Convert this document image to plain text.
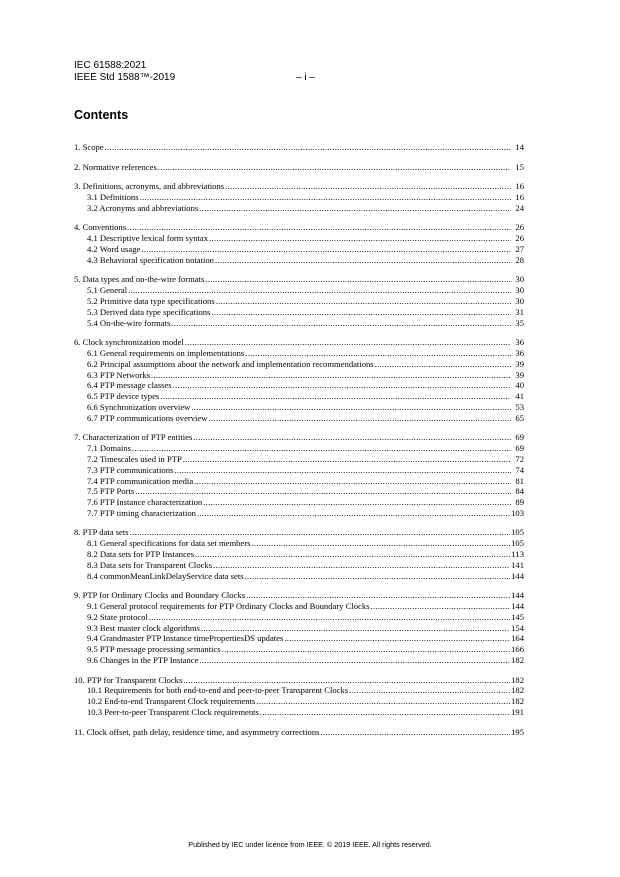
IEC 61588:2021
IEEE Std 1588™-2019	– i –
Contents
1. Scope .....	14
2. Normative references .....	15
3. Definitions, acronyms, and abbreviations .....	16
3.1 Definitions .....	16
3.2 Acronyms and abbreviations .....	24
4. Conventions .....	26
4.1 Descriptive lexical form syntax .....	26
4.2 Word usage .....	27
4.3 Behavioral specification notation .....	28
5. Data types and on-the-wire formats .....	30
5.1 General .....	30
5.2 Primitive data type specifications .....	30
5.3 Derived data type specifications .....	31
5.4 On-the-wire formats .....	35
6. Clock synchronization model .....	36
6.1 General requirements on implementations .....	36
6.2 Principal assumptions about the network and implementation recommendations .....	39
6.3 PTP Networks .....	39
6.4 PTP message classes .....	40
6.5 PTP device types .....	41
6.6 Synchronization overview .....	53
6.7 PTP communications overview .....	65
7. Characterization of PTP entities .....	69
7.1 Domains .....	69
7.2 Timescales used in PTP .....	72
7.3 PTP communications .....	74
7.4 PTP communication media .....	81
7.5 PTP Ports .....	84
7.6 PTP Instance characterization .....	89
7.7 PTP timing characterization .....	103
8. PTP data sets .....	105
8.1 General specifications for data set members .....	105
8.2 Data sets for PTP Instances .....	113
8.3 Data sets for Transparent Clocks .....	141
8.4 commonMeanLinkDelayService data sets .....	144
9. PTP for Ordinary Clocks and Boundary Clocks .....	144
9.1 General protocol requirements for PTP Ordinary Clocks and Boundary Clocks .....	144
9.2 State protocol .....	145
9.3 Best master clock algorithms .....	154
9.4 Grandmaster PTP Instance timePropertiesDS updates .....	164
9.5 PTP message processing semantics .....	166
9.6 Changes in the PTP Instance .....	182
10. PTP for Transparent Clocks .....	182
10.1 Requirements for both end-to-end and peer-to-peer Transparent Clocks .....	182
10.2 End-to-end Transparent Clock requirements .....	182
10.3 Peer-to-peer Transparent Clock requirements .....	191
11. Clock offset, path delay, residence time, and asymmetry corrections .....	195
Published by IEC under licence from IEEE. © 2019 IEEE. All rights reserved.
